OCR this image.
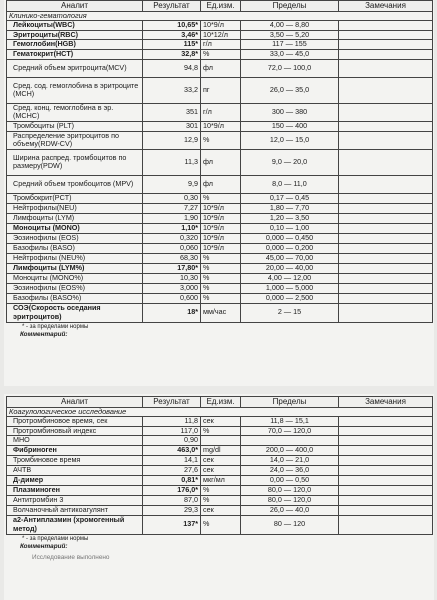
Аналит	Результат	Ед.изм.	Пределы	Замечания
Клинико-гематология				
Лейкоциты(WBC)	10,65*	10*9/л	4,00 — 8,80	
Эритроциты(RBC)	3,46*	10*12/л	3,50 — 5,20	
Гемоглобин(HGB)	115*	г/л	117 — 155	
Гематокрит(HCT)	32,8*	%	33,0 — 45,0	
Средний объем эритроцита(MCV)	94,8	фл	72,0 — 100,0	
Сред. сод. гемоглобина в эритроците (MCH)	33,2	пг	26,0 — 35,0	
Сред. конц. гемоглобина в эр. (MCHC)	351	г/л	300 — 380	
Тромбоциты (PLT)	301	10*9/л	150 — 400	
Распределение эритроцитов по объему(RDW-CV)	12,9	%	12,0 — 15,0	
Ширина распред. тромбоцитов по размеру(PDW)	11,3	фл	9,0 — 20,0	
Средний объем тромбоцитов (MPV)	9,9	фл	8,0 — 11,0	
Тромбокрит(PCT)	0,30	%	0,17 — 0,45	
Нейтрофилы(NEU)	7,27	10*9/л	1,80 — 7,70	
Лимфоциты (LYM)	1,90	10*9/л	1,20 — 3,50	
Моноциты (MONO)	1,10*	10*9/л	0,10 — 1,00	
Эозинофилы (EOS)	0,320	10*9/л	0,000 — 0,450	
Базофилы (BASO)	0,060	10*9/л	0,000 — 0,200	
Нейтрофилы (NEU%)	68,30	%	45,00 — 70,00	
Лимфоциты (LYM%)	17,80*	%	20,00 — 40,00	
Моноциты (MONO%)	10,30	%	4,00 — 12,00	
Эозинофилы (EOS%)	3,000	%	1,000 — 5,000	
Базофилы (BASO%)	0,600	%	0,000 — 2,500	
СОЭ(Скорость оседания эритроцитов)	18*	мм/час	2 — 15	
* - за пределами нормы
Комментарий:
Аналит	Результат	Ед.изм.	Пределы	Замечания
Коагулологическое исследование				
Протромбиновое время, сек	11,8	сек	11,8 — 15,1	
Протромбиновый индекс	117,0	%	70,0 — 120,0	
МНО	0,90			
Фибриноген	463,0*	mg/dl	200,0 — 400,0	
Тромбиновое время	14,1	сек	14,0 — 21,0	
АЧТВ	27,6	сек	24,0 — 36,0	
Д-димер	0,81*	мкг/мл	0,00 — 0,50	
Плазминоген	176,0*	%	80,0 — 120,0	
Антитромбин 3	87,0	%	80,0 — 120,0	
Волчаночный антикоагулянт	29,3	сек	26,0 — 40,0	
а2-Антиплазмин (хромогенный метод)	137*	%	80 — 120	
* - за пределами нормы
Комментарий:
Исследование выполнено
